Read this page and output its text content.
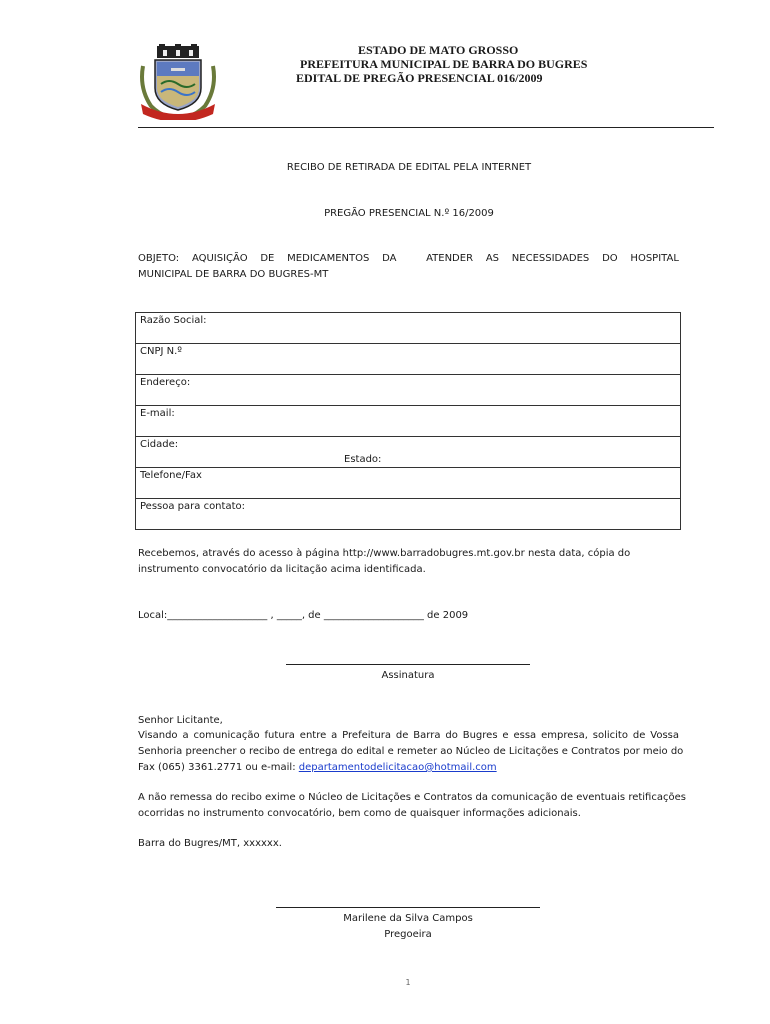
ESTADO DE MATO GROSSO
PREFEITURA MUNICIPAL DE BARRA DO BUGRES
EDITAL DE PREGÃO PRESENCIAL 016/2009
RECIBO DE RETIRADA DE EDITAL PELA INTERNET
PREGÃO PRESENCIAL N.º 16/2009
OBJETO: AQUISIÇÃO DE MEDICAMENTOS DA	ATENDER AS NECESSIDADES DO HOSPITAL
MUNICIPAL DE BARRA DO BUGRES-MT
Razão Social:
CNPJ N.º
Endereço:
E-mail:
Cidade:
Estado:

Telefone/Fax
Pessoa para contato:
Recebemos, através do acesso à página http://www.barradobugres.mt.gov.br nesta data, cópia do
instrumento convocatório da licitação acima identificada.
Local:____________________ , _____, de ____________________ de 2009
Assinatura
Senhor Licitante,
Visando a comunicação futura entre a Prefeitura de Barra do Bugres e essa empresa, solicito de Vossa
Senhoria preencher o recibo de entrega do edital e remeter ao Núcleo de Licitações e Contratos por meio do
Fax (065) 3361.2771 ou e-mail: departamentodelicitacao@hotmail.com
A não remessa do recibo exime o Núcleo de Licitações e Contratos da comunicação de eventuais retificações
ocorridas no instrumento convocatório, bem como de quaisquer informações adicionais.
Barra do Bugres/MT, xxxxxx.
Marilene da Silva Campos
Pregoeira
1
